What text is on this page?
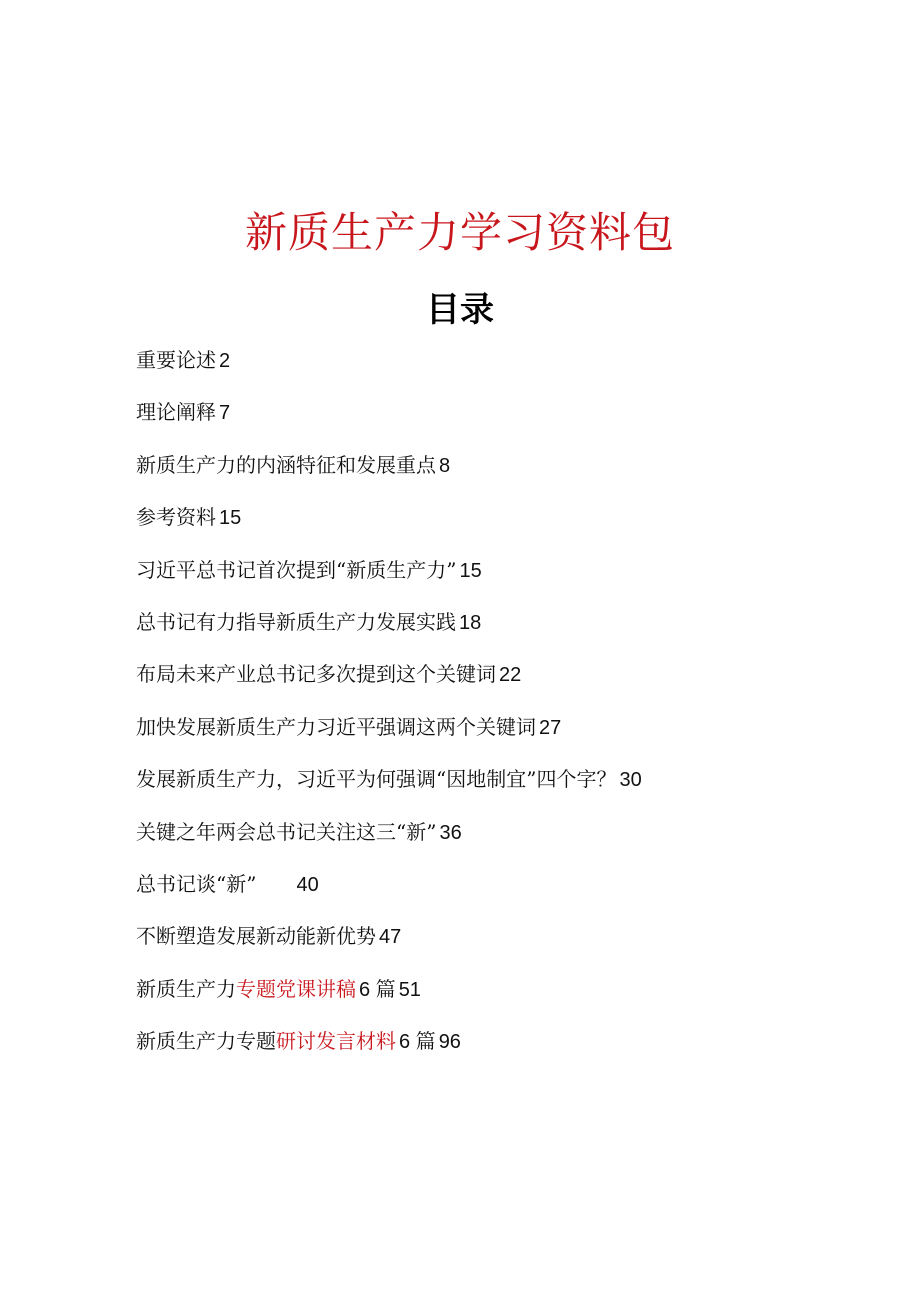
新质生产力学习资料包
目录
重要论述 2
理论阐释 7
新质生产力的内涵特征和发展重点 8
参考资料 15
习近平总书记首次提到“新质生产力” 15
总书记有力指导新质生产力发展实践 18
布局未来产业总书记多次提到这个关键词 22
加快发展新质生产力习近平强调这两个关键词 27
发展新质生产力，习近平为何强调“因地制宜”四个字？ 30
关键之年两会总书记关注这三“新” 36
总书记谈“新” 40
不断塑造发展新动能新优势 47
新质生产力专题党课讲稿 6 篇 51
新质生产力专题研讨发言材料 6 篇 96
